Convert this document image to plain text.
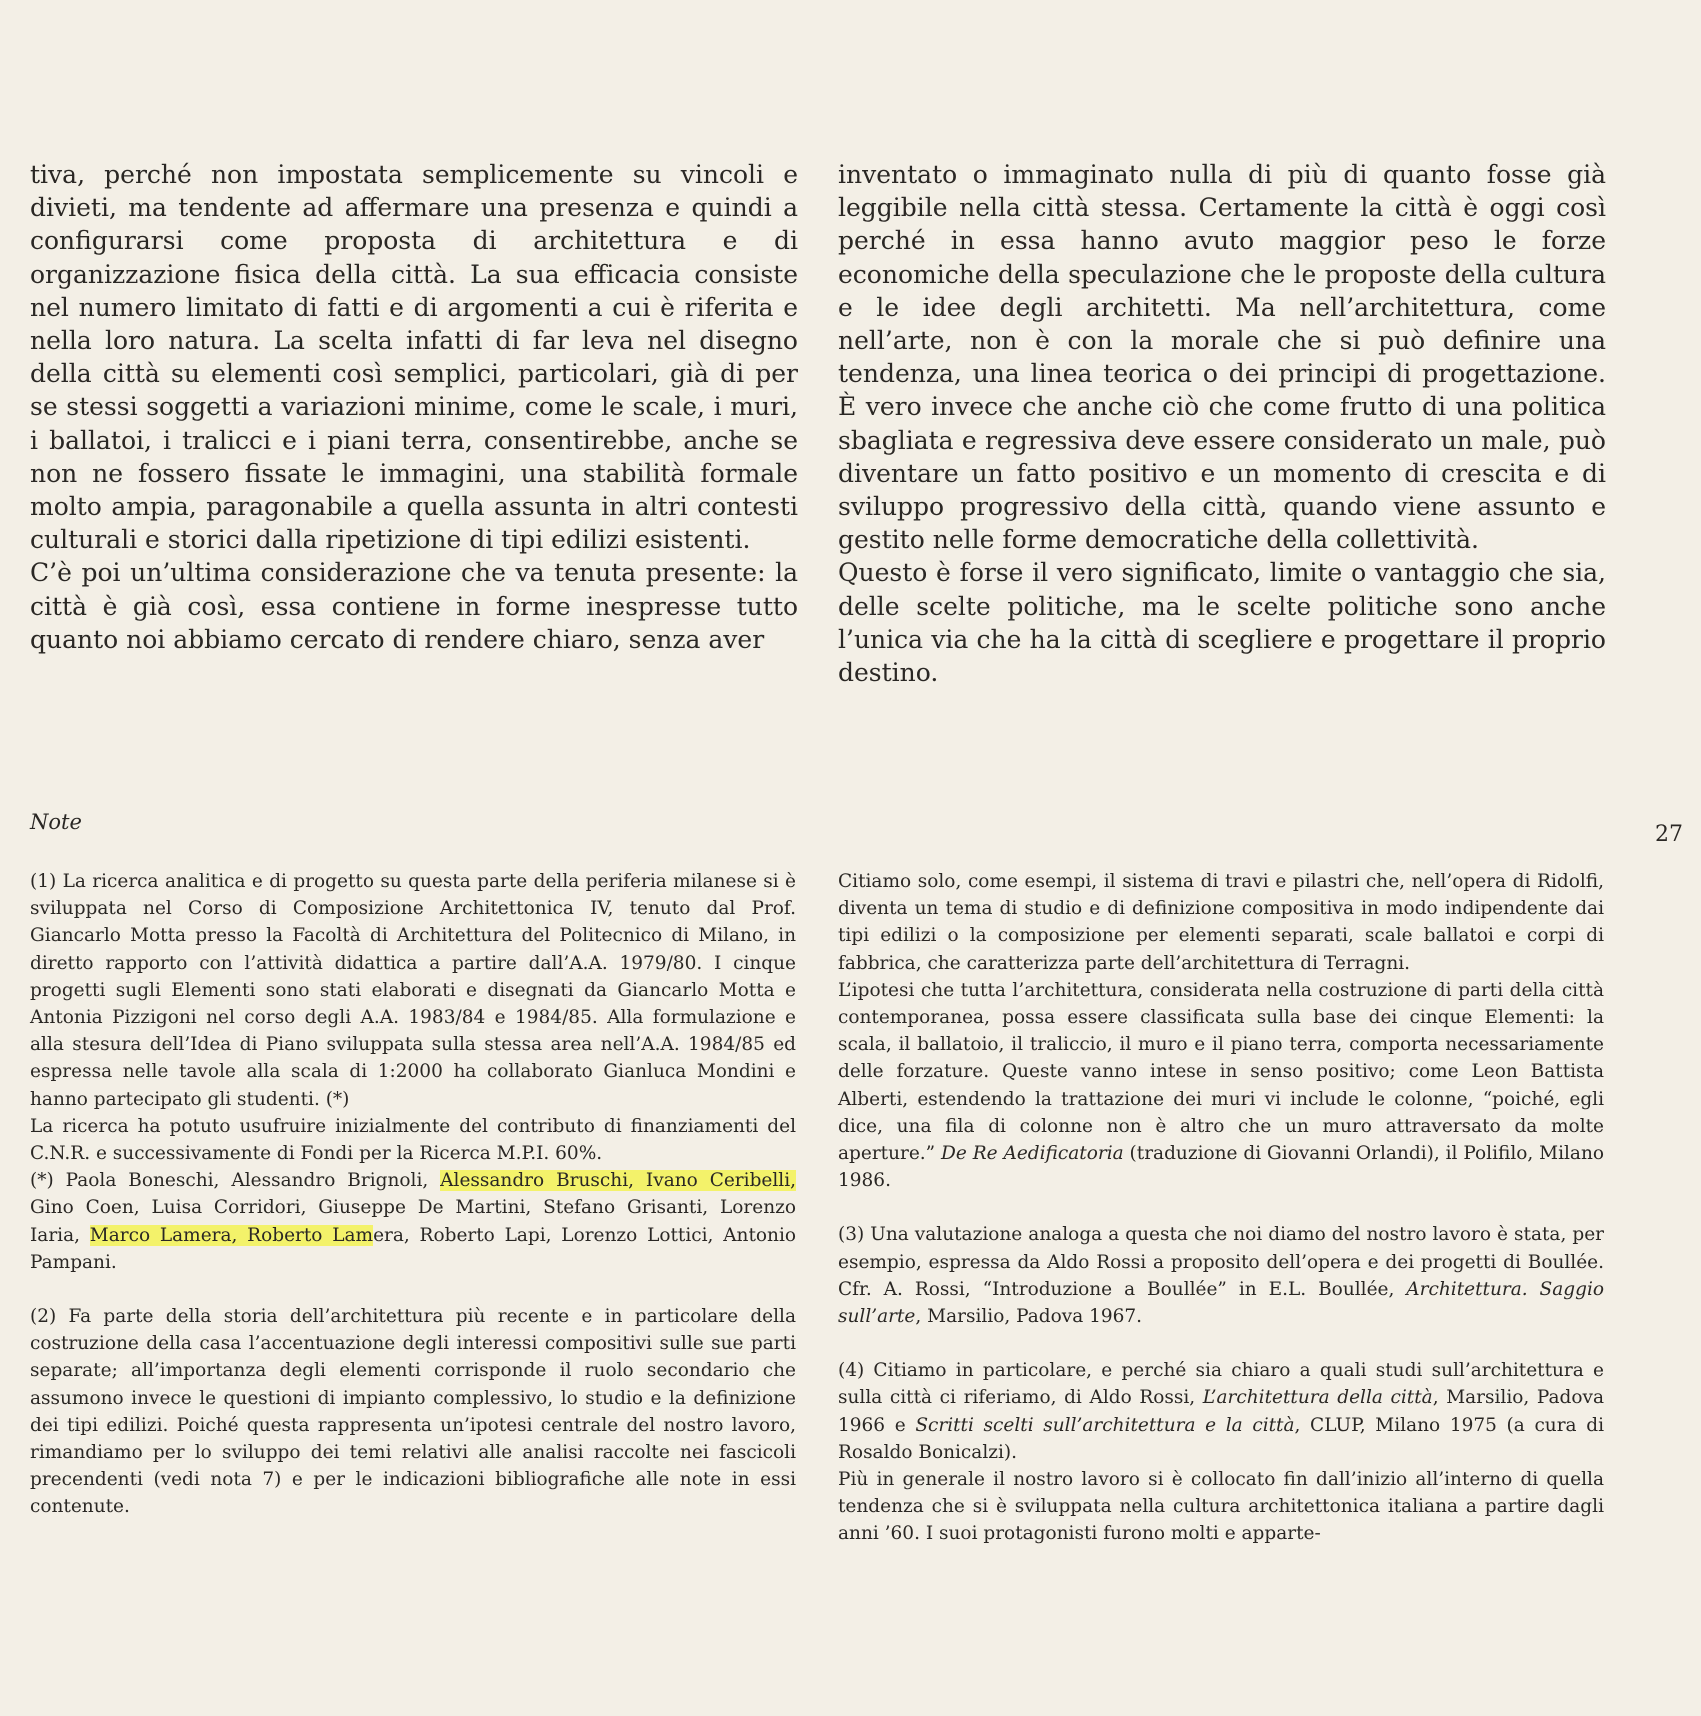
tiva, perché non impostata semplicemente su vincoli e divieti, ma tendente ad affermare una presenza e quindi a configurarsi come proposta di architettura e di organizzazione fisica della città. La sua efficacia consiste nel numero limitato di fatti e di argomenti a cui è riferita e nella loro natura. La scelta infatti di far leva nel disegno della città su elementi così semplici, particolari, già di per se stessi soggetti a variazioni minime, come le scale, i muri, i ballatoi, i tralicci e i piani terra, consentirebbe, anche se non ne fossero fissate le immagini, una stabilità formale molto ampia, paragonabile a quella assunta in altri contesti culturali e storici dalla ripetizione di tipi edilizi esistenti.

C’è poi un’ultima considerazione che va tenuta presente: la città è già così, essa contiene in forme inespresse tutto quanto noi abbiamo cercato di rendere chiaro, senza aver

inventato o immaginato nulla di più di quanto fosse già leggibile nella città stessa. Certamente la città è oggi così perché in essa hanno avuto maggior peso le forze economiche della speculazione che le proposte della cultura e le idee degli architetti. Ma nell’architettura, come nell’arte, non è con la morale che si può definire una tendenza, una linea teorica o dei principi di progettazione. È vero invece che anche ciò che come frutto di una politica sbagliata e regressiva deve essere considerato un male, può diventare un fatto positivo e un momento di crescita e di sviluppo progressivo della città, quando viene assunto e gestito nelle forme democratiche della collettività.

Questo è forse il vero significato, limite o vantaggio che sia, delle scelte politiche, ma le scelte politiche sono anche l’unica via che ha la città di scegliere e progettare il proprio destino.

Note	27

(1) La ricerca analitica e di progetto su questa parte della periferia milanese si è sviluppata nel Corso di Composizione Architettonica IV, tenuto dal Prof. Giancarlo Motta presso la Facoltà di Architettura del Politecnico di Milano, in diretto rapporto con l’attività didattica a partire dall’A.A. 1979/80. I cinque progetti sugli Elementi sono stati elaborati e disegnati da Giancarlo Motta e Antonia Pizzigoni nel corso degli A.A. 1983/84 e 1984/85. Alla formulazione e alla stesura dell’Idea di Piano sviluppata sulla stessa area nell’A.A. 1984/85 ed espressa nelle tavole alla scala di 1:2000 ha collaborato Gianluca Mondini e hanno partecipato gli studenti. (*)

La ricerca ha potuto usufruire inizialmente del contributo di finanziamenti del C.N.R. e successivamente di Fondi per la Ricerca M.P.I. 60%.

(*) Paola Boneschi, Alessandro Brignoli, Alessandro Bruschi, Ivano Ceribelli, Gino Coen, Luisa Corridori, Giuseppe De Martini, Stefano Grisanti, Lorenzo Iaria, Marco Lamera, Roberto Lamera, Roberto Lapi, Lorenzo Lottici, Antonio Pampani.

(2) Fa parte della storia dell’architettura più recente e in particolare della costruzione della casa l’accentuazione degli interessi compositivi sulle sue parti separate; all’importanza degli elementi corrisponde il ruolo secondario che assumono invece le questioni di impianto complessivo, lo studio e la definizione dei tipi edilizi. Poiché questa rappresenta un’ipotesi centrale del nostro lavoro, rimandiamo per lo sviluppo dei temi relativi alle analisi raccolte nei fascicoli precendenti (vedi nota 7) e per le indicazioni bibliografiche alle note in essi contenute.

Citiamo solo, come esempi, il sistema di travi e pilastri che, nell’opera di Ridolfi, diventa un tema di studio e di definizione compositiva in modo indipendente dai tipi edilizi o la composizione per elementi separati, scale ballatoi e corpi di fabbrica, che caratterizza parte dell’architettura di Terragni.

L’ipotesi che tutta l’architettura, considerata nella costruzione di parti della città contemporanea, possa essere classificata sulla base dei cinque Elementi: la scala, il ballatoio, il traliccio, il muro e il piano terra, comporta necessariamente delle forzature. Queste vanno intese in senso positivo; come Leon Battista Alberti, estendendo la trattazione dei muri vi include le colonne, “poiché, egli dice, una fila di colonne non è altro che un muro attraversato da molte aperture.” De Re Aedificatoria (traduzione di Giovanni Orlandi), il Polifilo, Milano 1986.

(3) Una valutazione analoga a questa che noi diamo del nostro lavoro è stata, per esempio, espressa da Aldo Rossi a proposito dell’opera e dei progetti di Boullée. Cfr. A. Rossi, “Introduzione a Boullée” in E.L. Boullée, Architettura. Saggio sull’arte, Marsilio, Padova 1967.

(4) Citiamo in particolare, e perché sia chiaro a quali studi sull’architettura e sulla città ci riferiamo, di Aldo Rossi, L’architettura della città, Marsilio, Padova 1966 e Scritti scelti sull’architettura e la città, CLUP, Milano 1975 (a cura di Rosaldo Bonicalzi).

Più in generale il nostro lavoro si è collocato fin dall’inizio all’interno di quella tendenza che si è sviluppata nella cultura architettonica italiana a partire dagli anni ’60. I suoi protagonisti furono molti e apparte-
